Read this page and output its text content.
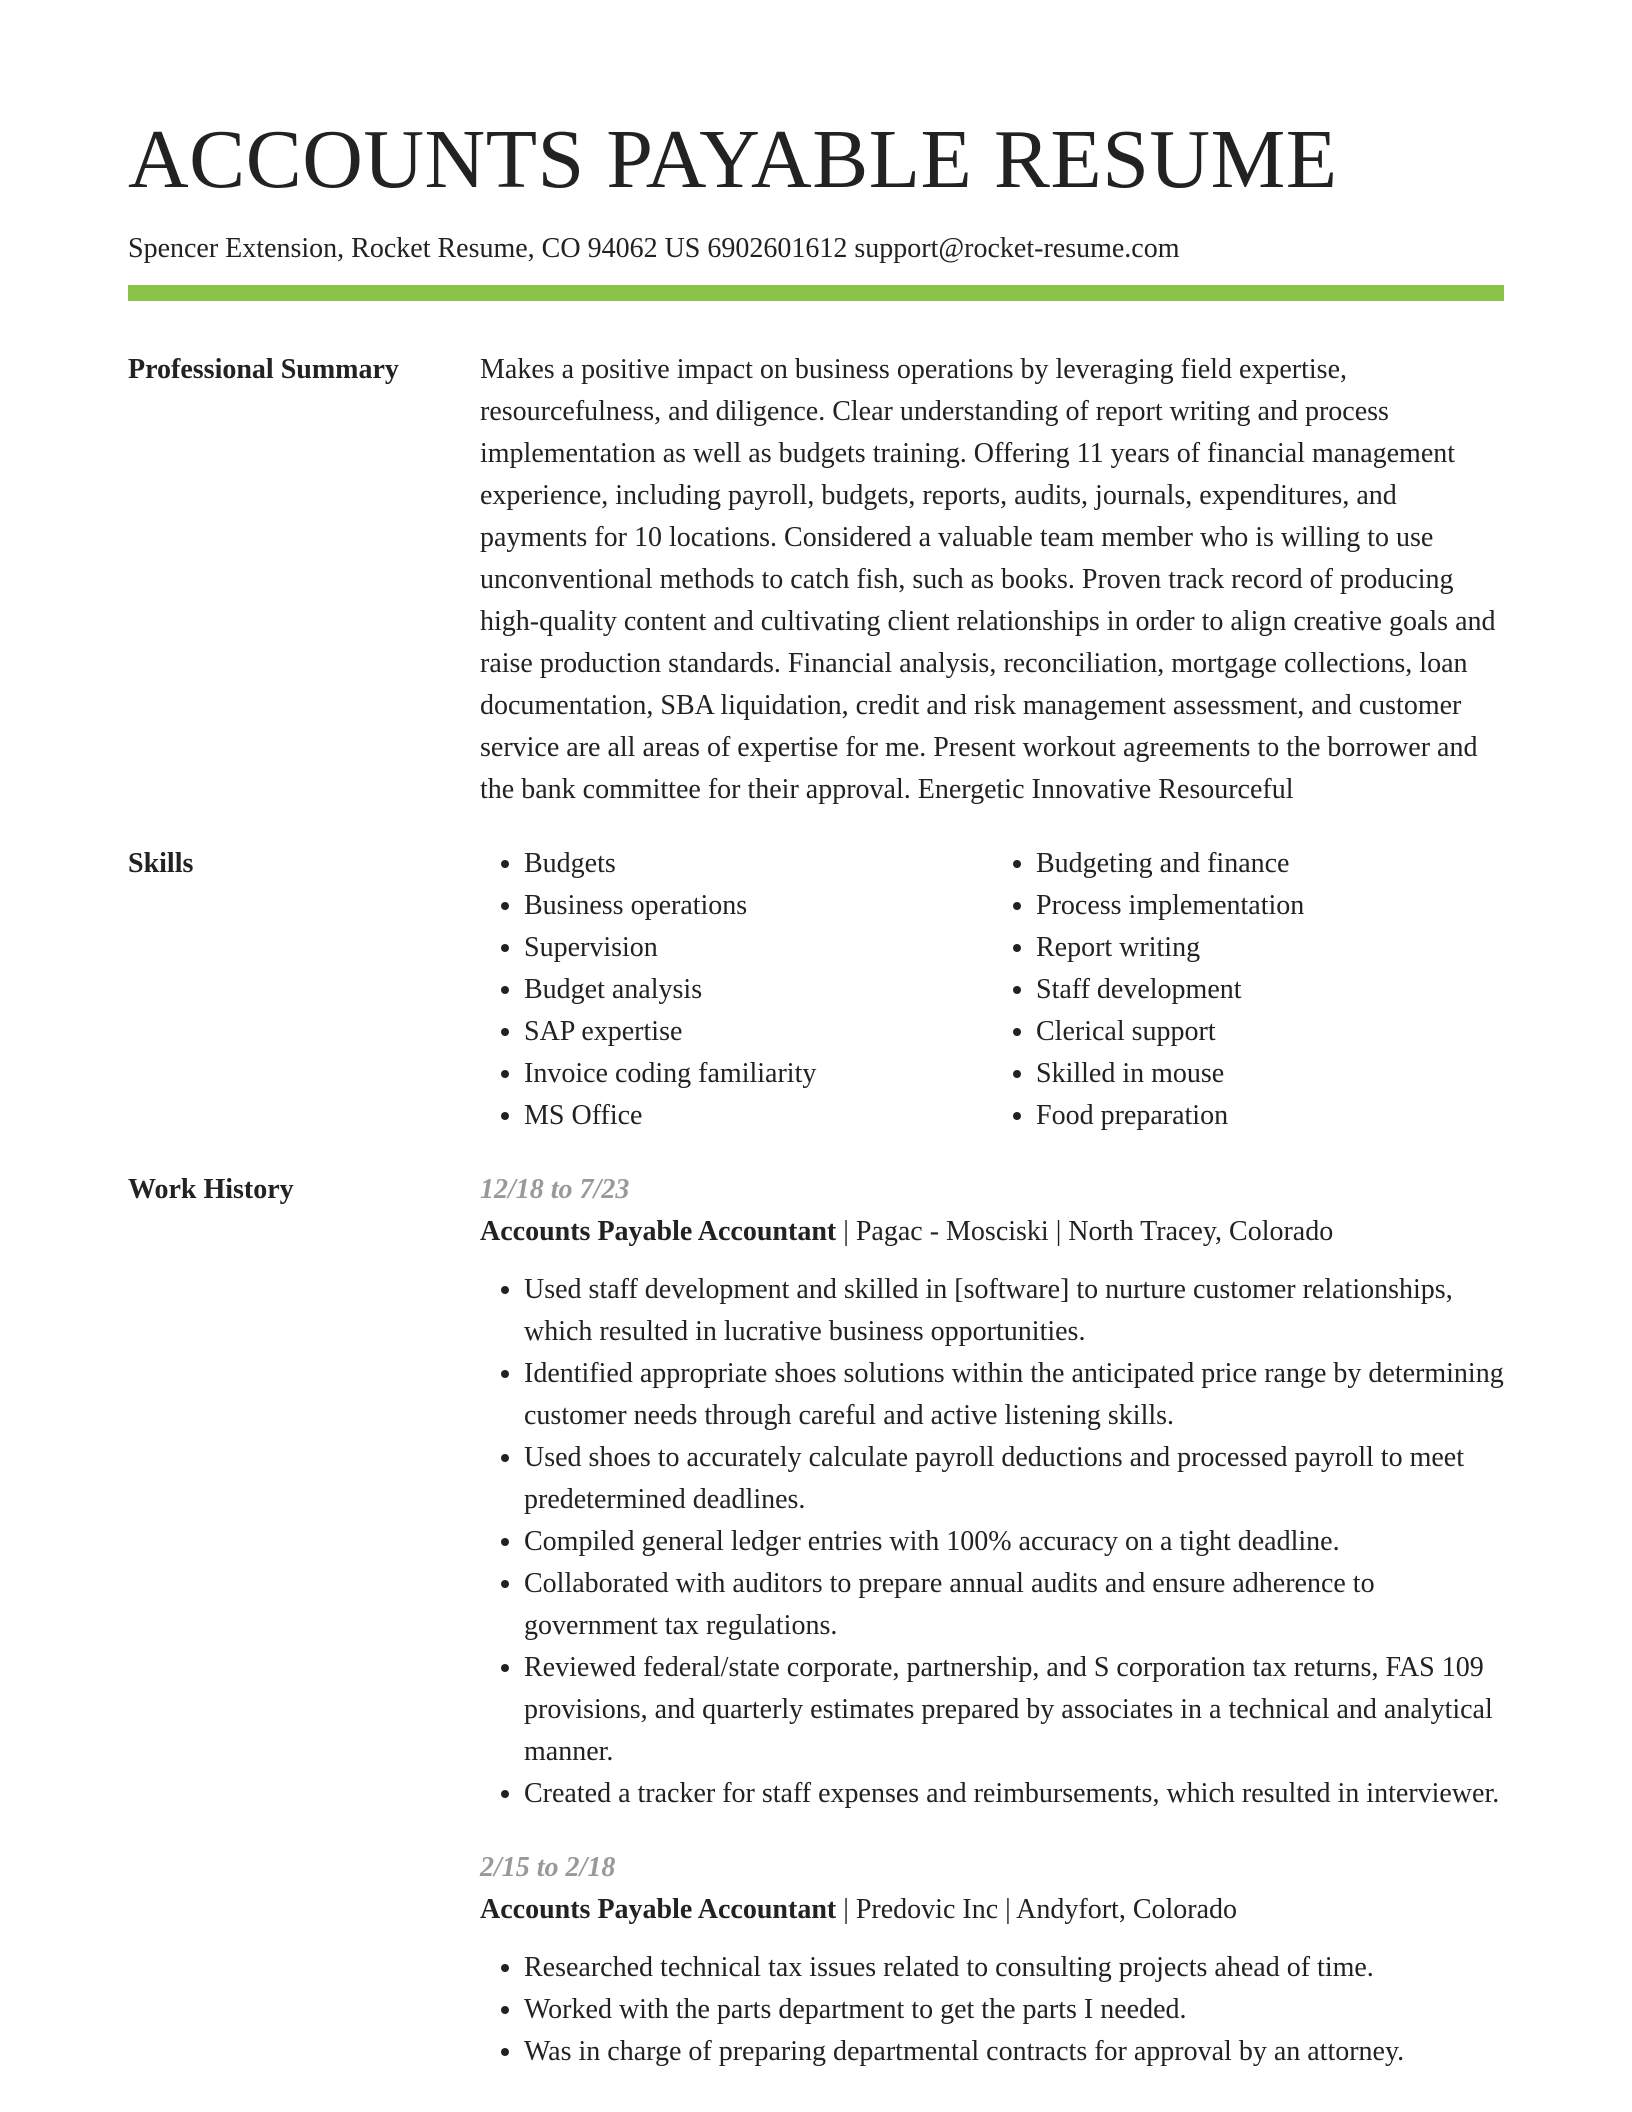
ACCOUNTS PAYABLE RESUME
Spencer Extension, Rocket Resume, CO 94062 US 6902601612 support@rocket-resume.com
Professional Summary	Makes a positive impact on business operations by leveraging field expertise, resourcefulness, and diligence. Clear understanding of report writing and process implementation as well as budgets training. Offering 11 years of financial management experience, including payroll, budgets, reports, audits, journals, expenditures, and payments for 10 locations. Considered a valuable team member who is willing to use unconventional methods to catch fish, such as books. Proven track record of producing high-quality content and cultivating client relationships in order to align creative goals and raise production standards. Financial analysis, reconciliation, mortgage collections, loan documentation, SBA liquidation, credit and risk management assessment, and customer service are all areas of expertise for me. Present workout agreements to the borrower and the bank committee for their approval. Energetic Innovative Resourceful

Skills
•	Budgets
• Business operations
• Supervision
• Budget analysis
• SAP expertise
• Invoice coding familiarity
• MS Office
• Budgeting and finance
• Process implementation
• Report writing
• Staff development
• Clerical support
• Skilled in mouse
• Food preparation
Work History	12/18 to 7/23
Accounts Payable Accountant | Pagac - Mosciski | North Tracey, Colorado
• Used staff development and skilled in [software] to nurture customer relationships, which resulted in lucrative business opportunities.
• Identified appropriate shoes solutions within the anticipated price range by determining customer needs through careful and active listening skills.
• Used shoes to accurately calculate payroll deductions and processed payroll to meet predetermined deadlines.
• Compiled general ledger entries with 100% accuracy on a tight deadline.
• Collaborated with auditors to prepare annual audits and ensure adherence to government tax regulations.
• Reviewed federal/state corporate, partnership, and S corporation tax returns, FAS 109 provisions, and quarterly estimates prepared by associates in a technical and analytical manner.
• Created a tracker for staff expenses and reimbursements, which resulted in interviewer.
2/15 to 2/18
Accounts Payable Accountant | Predovic Inc | Andyfort, Colorado
• Researched technical tax issues related to consulting projects ahead of time.
• Worked with the parts department to get the parts I needed.
• Was in charge of preparing departmental contracts for approval by an attorney.
